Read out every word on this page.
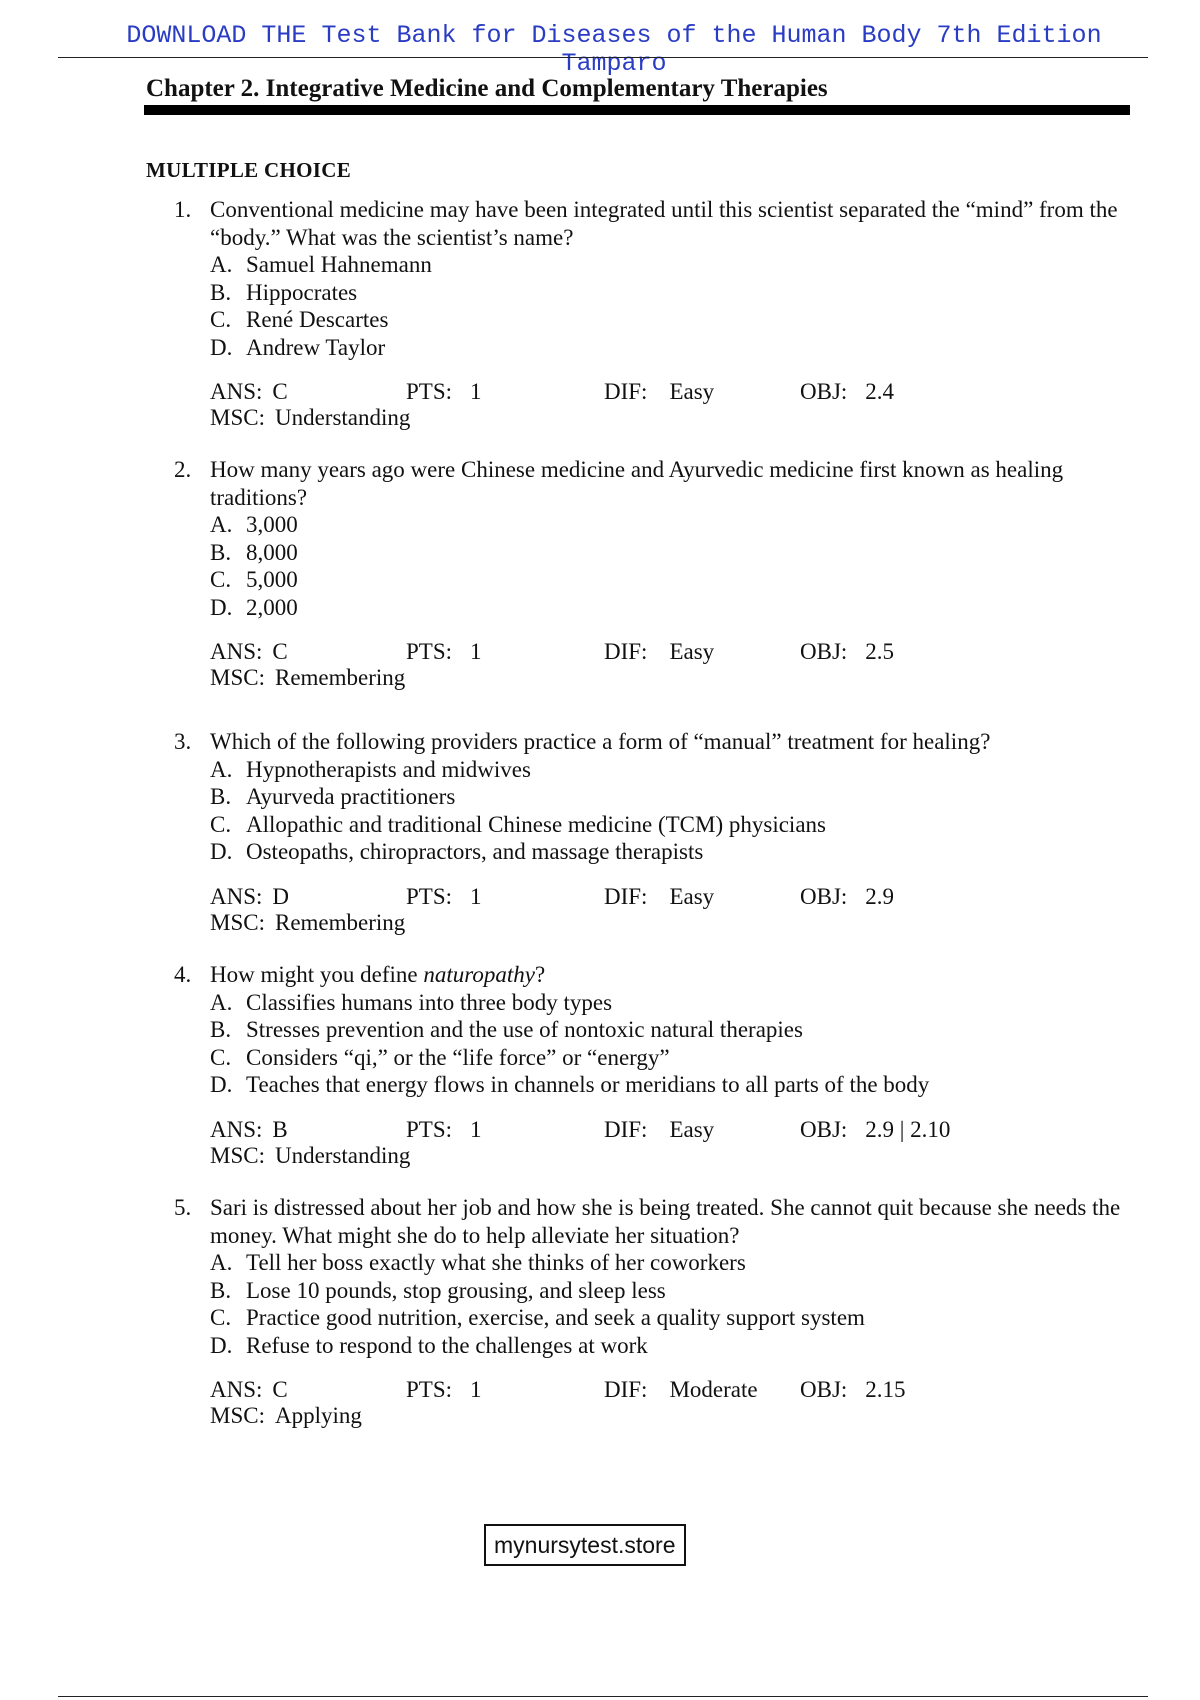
DOWNLOAD THE Test Bank for Diseases of the Human Body 7th Edition
Tamparo
Chapter 2. Integrative Medicine and Complementary Therapies
MULTIPLE CHOICE
1. Conventional medicine may have been integrated until this scientist separated the “mind” from the “body.” What was the scientist’s name?
A. Samuel Hahnemann
B. Hippocrates
C. René Descartes
D. Andrew Taylor
ANS: C	PTS: 1	DIF: Easy	OBJ: 2.4
MSC: Understanding
2. How many years ago were Chinese medicine and Ayurvedic medicine first known as healing traditions?
A. 3,000
B. 8,000
C. 5,000
D. 2,000
ANS: C	PTS: 1	DIF: Easy	OBJ: 2.5
MSC: Remembering
3. Which of the following providers practice a form of “manual” treatment for healing?
A. Hypnotherapists and midwives
B. Ayurveda practitioners
C. Allopathic and traditional Chinese medicine (TCM) physicians
D. Osteopaths, chiropractors, and massage therapists
ANS: D	PTS: 1	DIF: Easy	OBJ: 2.9
MSC: Remembering
4. How might you define naturopathy?
A. Classifies humans into three body types
B. Stresses prevention and the use of nontoxic natural therapies
C. Considers “qi,” or the “life force” or “energy”
D. Teaches that energy flows in channels or meridians to all parts of the body
ANS: B	PTS: 1	DIF: Easy	OBJ: 2.9 | 2.10
MSC: Understanding
5. Sari is distressed about her job and how she is being treated. She cannot quit because she needs the money. What might she do to help alleviate her situation?
A. Tell her boss exactly what she thinks of her coworkers
B. Lose 10 pounds, stop grousing, and sleep less
C. Practice good nutrition, exercise, and seek a quality support system
D. Refuse to respond to the challenges at work
ANS: C	PTS: 1	DIF: Moderate OBJ: 2.15
MSC: Applying
mynursytest.store
